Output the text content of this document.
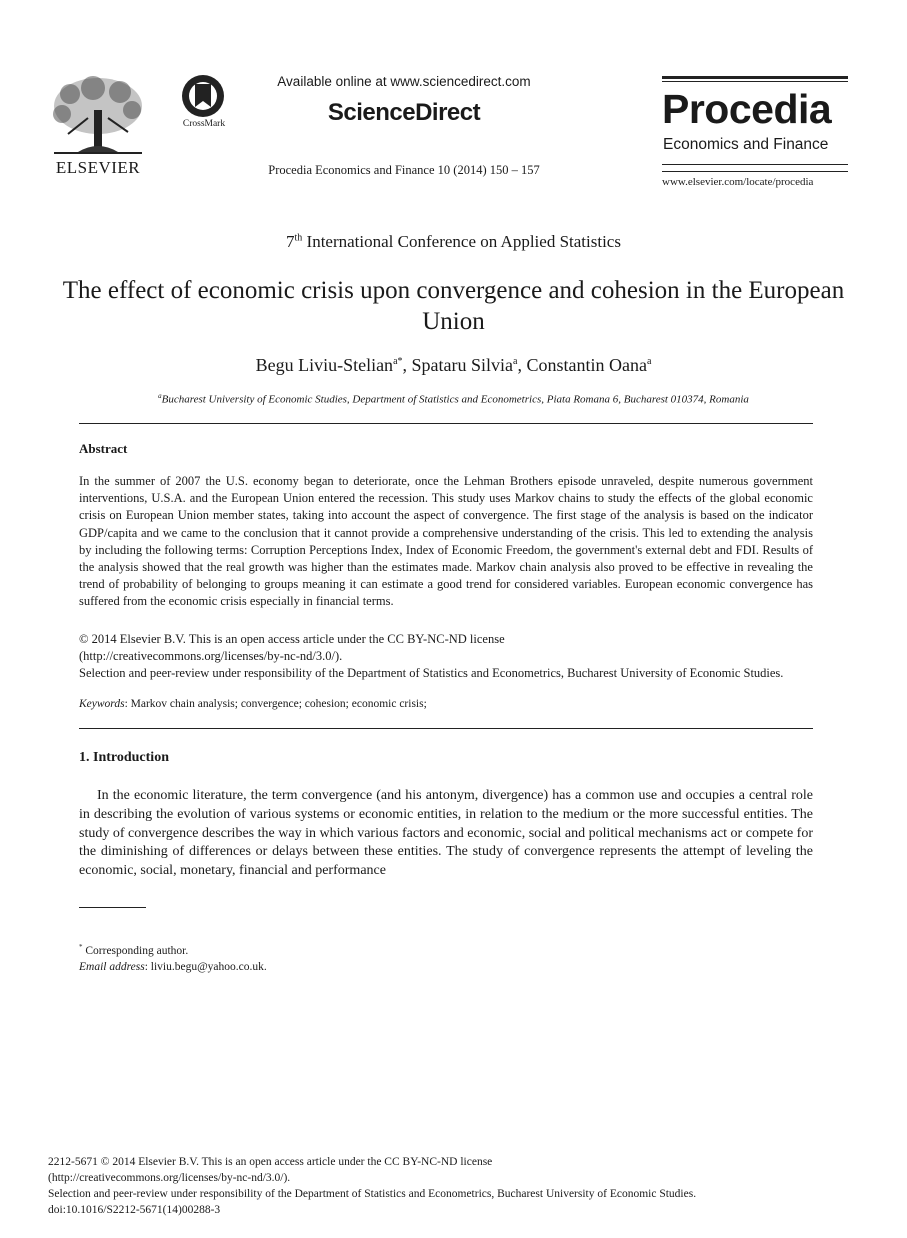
ELSEVIER
CrossMark
Available online at www.sciencedirect.com
ScienceDirect
Procedia Economics and Finance 10 (2014) 150 – 157
Procedia
Economics and Finance
www.elsevier.com/locate/procedia
7th International Conference on Applied Statistics
The effect of economic crisis upon convergence and cohesion in the European Union
Begu Liviu-Stelian$^{a*}$, Spataru Silvia$^a$, Constantin Oana$^a$
$^a$Bucharest University of Economic Studies, Department of Statistics and Econometrics, Piata Romana 6, Bucharest 010374, Romania
Abstract
In the summer of 2007 the U.S. economy began to deteriorate, once the Lehman Brothers episode unraveled, despite numerous government interventions, U.S.A. and the European Union entered the recession. This study uses Markov chains to study the effects of the global economic crisis on European Union member states, taking into account the aspect of convergence. The first stage of the analysis is based on the indicator GDP/capita and we came to the conclusion that it cannot provide a comprehensive understanding of the crisis. This led to extending the analysis by including the following terms: Corruption Perceptions Index, Index of Economic Freedom, the government's external debt and FDI. Results of the analysis showed that the real growth was higher than the estimates made. Markov chain analysis also proved to be effective in revealing the trend of probability of belonging to groups meaning it can estimate a good trend for considered variables. European economic convergence has suffered from the economic crisis especially in financial terms.
© 2014 Elsevier B.V. This is an open access article under the CC BY-NC-ND license
(http://creativecommons.org/licenses/by-nc-nd/3.0/).
Selection and peer-review under responsibility of the Department of Statistics and Econometrics, Bucharest University of Economic Studies.
Keywords: Markov chain analysis; convergence; cohesion; economic crisis;
1. Introduction

In the economic literature, the term convergence (and his antonym, divergence) has a common use and occupies a central role in describing the evolution of various systems or economic entities, in relation to the medium or the more successful entities. The study of convergence describes the way in which various factors and economic, social and political mechanisms act or compete for the diminishing of differences or delays between these entities. The study of convergence represents the attempt of leveling the economic, social, monetary, financial and performance

* Corresponding author.
Email address: liviu.begu@yahoo.co.uk.
2212-5671 © 2014 Elsevier B.V. This is an open access article under the CC BY-NC-ND license
(http://creativecommons.org/licenses/by-nc-nd/3.0/).
Selection and peer-review under responsibility of the Department of Statistics and Econometrics, Bucharest University of Economic Studies.
doi:10.1016/S2212-5671(14)00288-3
